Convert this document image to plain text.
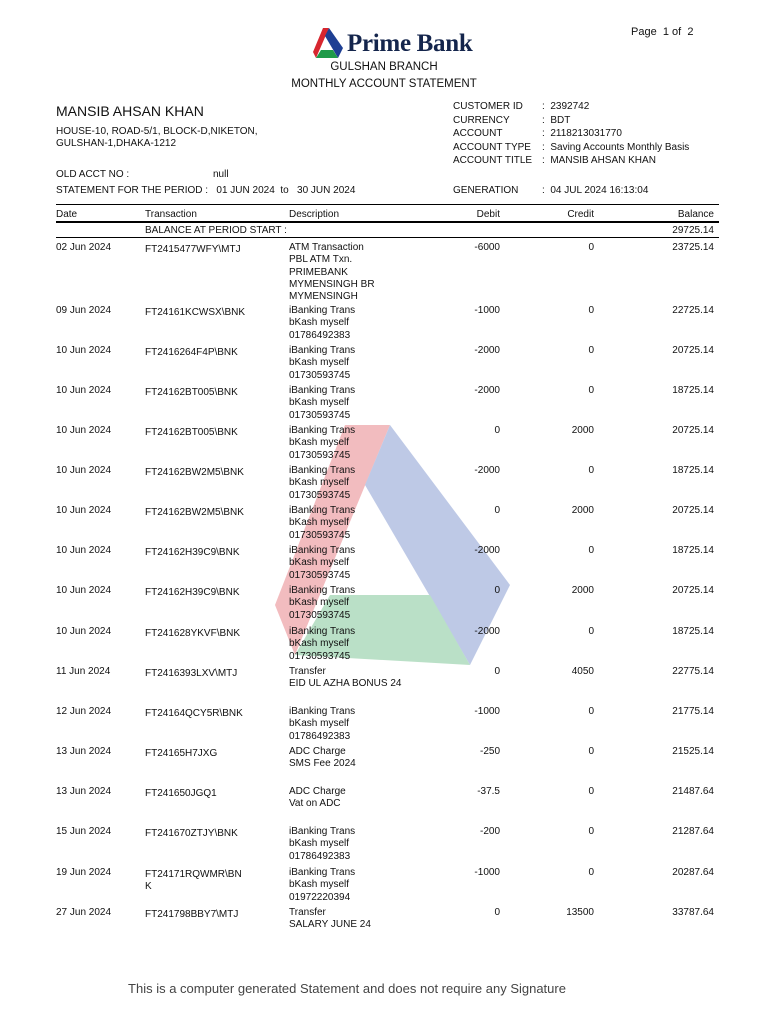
Page 1 of 2
Prime Bank
GULSHAN BRANCH
MONTHLY ACCOUNT STATEMENT
MANSIB AHSAN KHAN
HOUSE-10, ROAD-5/1, BLOCK-D,NIKETON,
GULSHAN-1,DHAKA-1212
CUSTOMER ID :  2392742
CURRENCY	:  BDT
ACCOUNT	:  2118213031770
ACCOUNT TYPE :  Saving Accounts Monthly Basis
ACCOUNT TITLE :  MANSIB AHSAN KHAN
OLD ACCT NO :	null
STATEMENT FOR THE PERIOD : 01 JUN 2024 to 30 JUN 2024	GENERATION :  04 JUL 2024 16:13:04
Date	Transaction	Description	Debit	Credit	Balance
BALANCE AT PERIOD START :	29725.14
02 Jun 2024	FT2415477WFY\MTJ	ATM Transaction
PBL ATM Txn.
PRIMEBANK
MYMENSINGH BR
MYMENSINGH
-6000	0	23725.14
09 Jun 2024	FT24161KCWSX\BNK	iBanking Trans
bKash myself
01786492383
-1000	0	22725.14
10 Jun 2024	FT2416264F4P\BNK	iBanking Trans
bKash myself
01730593745
-2000	0	20725.14
10 Jun 2024	FT24162BT005\BNK	iBanking Trans
bKash myself
01730593745
-2000	0	18725.14
10 Jun 2024	FT24162BT005\BNK	iBanking Trans
bKash myself
01730593745
0	2000	20725.14
10 Jun 2024	FT24162BW2M5\BNK	iBanking Trans
bKash myself
01730593745
-2000	0	18725.14
10 Jun 2024	FT24162BW2M5\BNK	iBanking Trans
bKash myself
01730593745
0	2000	20725.14
10 Jun 2024	FT24162H39C9\BNK	iBanking Trans
bKash myself
01730593745
-2000	0	18725.14
10 Jun 2024	FT24162H39C9\BNK	iBanking Trans
bKash myself
01730593745
0	2000	20725.14
10 Jun 2024	FT241628YKVF\BNK	iBanking Trans
bKash myself
01730593745
-2000	0	18725.14
11 Jun 2024	FT2416393LXV\MTJ	Transfer
EID UL AZHA BONUS 24
0	4050	22775.14
12 Jun 2024	FT24164QCY5R\BNK	iBanking Trans
bKash myself
01786492383
-1000	0	21775.14
13 Jun 2024	FT24165H7JXG	ADC Charge
SMS Fee 2024
-250	0	21525.14
13 Jun 2024	FT241650JGQ1	ADC Charge
Vat on ADC
-37.5	0	21487.64
15 Jun 2024	FT241670ZTJY\BNK	iBanking Trans
bKash myself
01786492383
-200	0	21287.64
19 Jun 2024	FT24171RQWMR\BN
K
iBanking Trans
bKash myself
01972220394
-1000	0	20287.64
27 Jun 2024	FT241798BBY7\MTJ	Transfer
SALARY JUNE 24
0	13500	33787.64
This is a computer generated Statement and does not require any Signature
